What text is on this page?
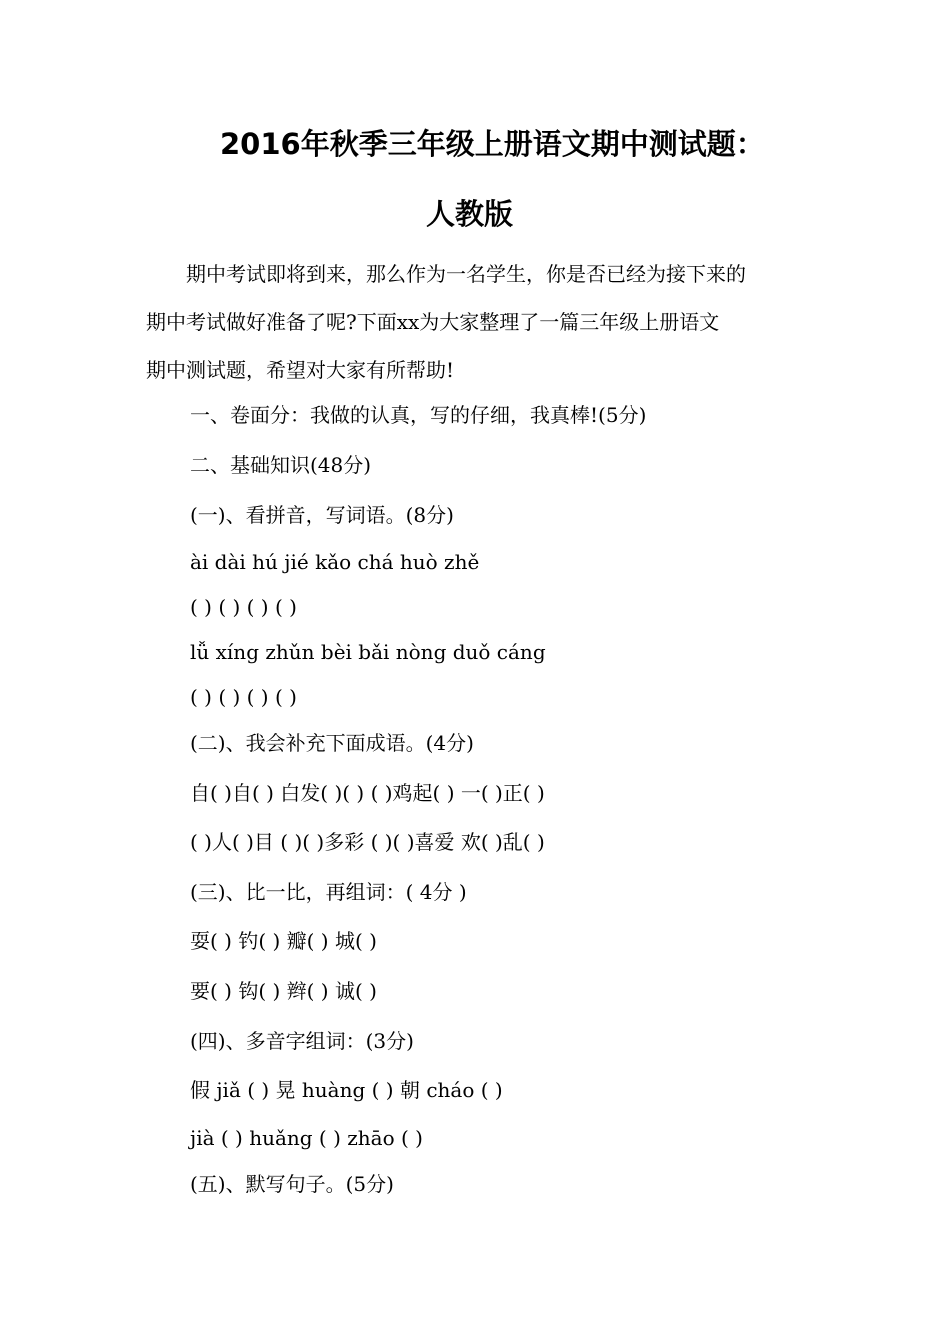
2016年秋季三年级上册语文期中测试题：
人教版
　　期中考试即将到来，那么作为一名学生，你是否已经为接下来的
期中考试做好准备了呢?下面xx为大家整理了一篇三年级上册语文
期中测试题，希望对大家有所帮助!

一、卷面分：我做的认真，写的仔细，我真棒!(5分)

二、基础知识(48分)

(一)、看拼音，写词语。(8分)

ài dài hú jié kǎo chá huò zhě

( ) ( ) ( ) ( )

lǚ xíng zhǔn bèi bǎi nòng duǒ cáng

( ) ( ) ( ) ( )

(二)、我会补充下面成语。(4分)

自( )自( ) 白发( )( ) ( )鸡起( ) 一( )正( )

( )人( )目 ( )( )多彩 ( )( )喜爱 欢( )乱( )

(三)、比一比，再组词：( 4分 )

耍( ) 钓( ) 瓣( ) 城( )

要( ) 钩( ) 辫( ) 诚( )

(四)、多音字组词：(3分)

假 jiǎ ( ) 晃 huàng ( ) 朝 cháo ( )

jià ( ) huǎng ( ) zhāo ( )

(五)、默写句子。(5分)
